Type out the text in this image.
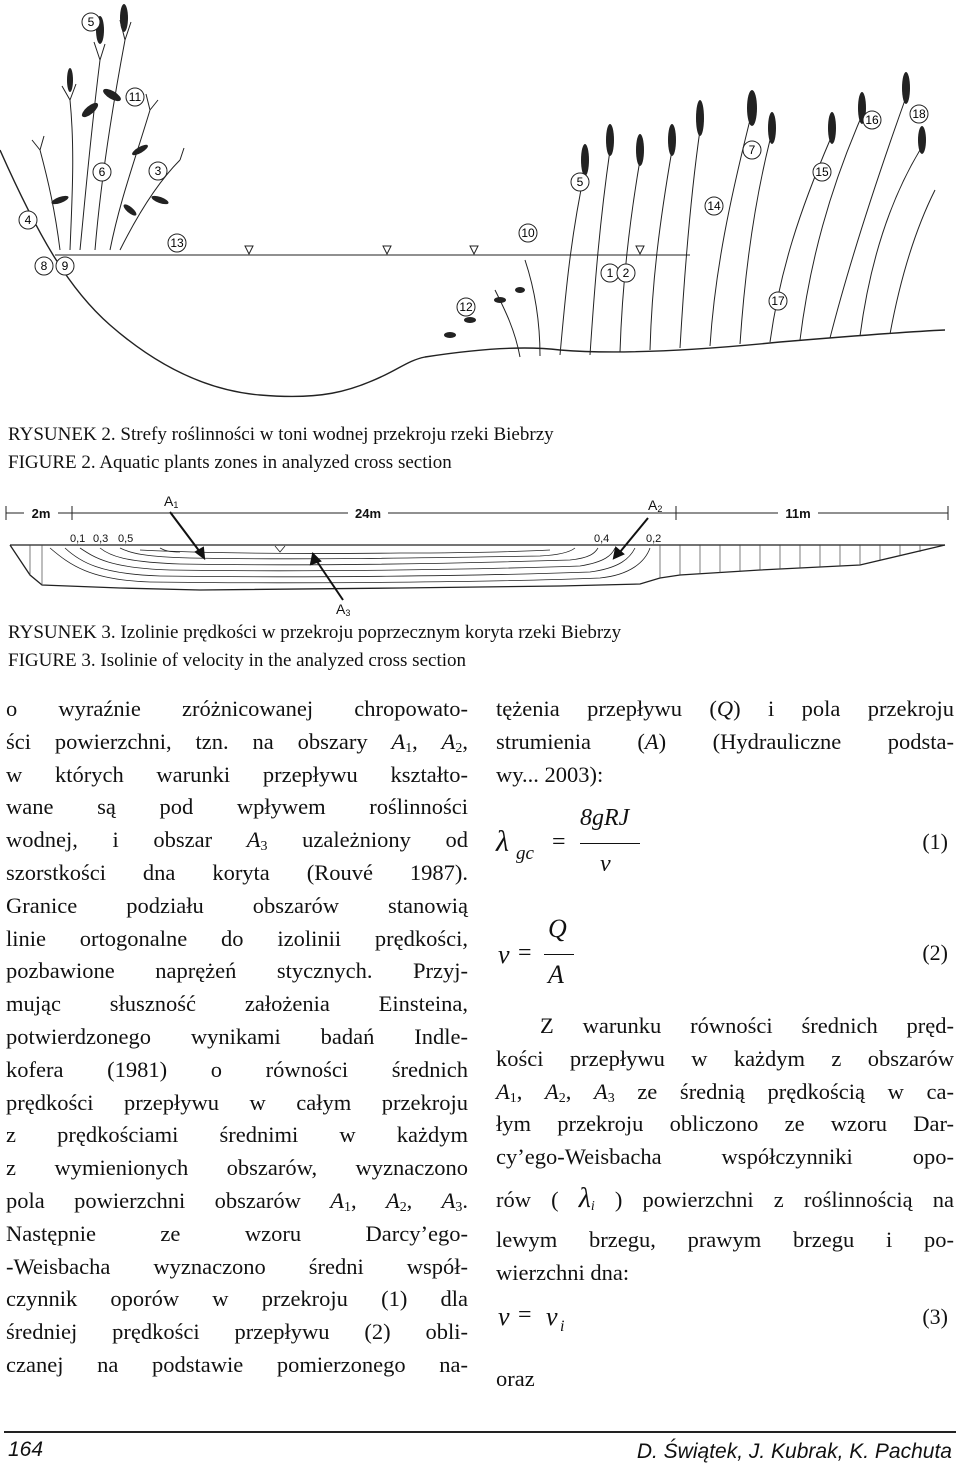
5
11
6	3
4
13
8 9
10
12
1 2
5
14
7
15
16	18
17
RYSUNEK 2. Strefy roślinności w toni wodnej przekroju rzeki Biebrzy
FIGURE 2. Aquatic plants zones in analyzed cross section
2m	24m	11m
A1	A2
A3
0,1 0,3 0,5	0,4	0,2
RYSUNEK 3. Izolinie prędkości w przekroju poprzecznym koryta rzeki Biebrzy
FIGURE 3. Isolinie of velocity in the analyzed cross section
o wyraźnie zróżnicowanej chropowato-
ści powierzchni, tzn. na obszary $A_1$, $A_2$,
w których warunki przepływu kształto-
wane są pod wpływem roślinności
wodnej, i obszar $A_3$ uzależniony od
szorstkości dna koryta (Rouvé 1987).
Granice podziału obszarów stanowią
linie ortogonalne do izolinii prędkości,
pozbawione naprężeń stycznych. Przyj-
mując słuszność założenia Einsteina,
potwierdzonego wynikami badań Indle-
kofera (1981) o równości średnich
prędkości przepływu w całym przekroju
z prędkościami średnimi w każdym
z wymienionych obszarów, wyznaczono
pola powierzchni obszarów $A_1$, $A_2$, $A_3$.
Następnie ze wzoru Darcy’ego-
-Weisbacha wyznaczono średni współ-
czynnik oporów w przekroju (1) dla
średniej prędkości przepływu (2) obli-
czanej na podstawie pomierzonego na-
tężenia przepływu (Q) i pola przekroju
strumienia (A) (Hydrauliczne podsta-
wy... 2003):
λ gc =
8gRJ
v
(1)
v =
Q
A
(2)
Z warunku równości średnich pręd-
kości przepływu w każdym z obszarów
$A_1$, $A_2$, $A_3$ ze średnią prędkością w ca-
łym przekroju obliczono ze wzoru Dar-
cy’ego-Weisbacha współczynniki opo-
rów ( $\lambda_i$ ) powierzchni z roślinnością na
lewym brzegu, prawym brzegu i po-
wierzchni dna:
v = v i	(3)
oraz
164	D. Świątek, J. Kubrak, K. Pachuta
